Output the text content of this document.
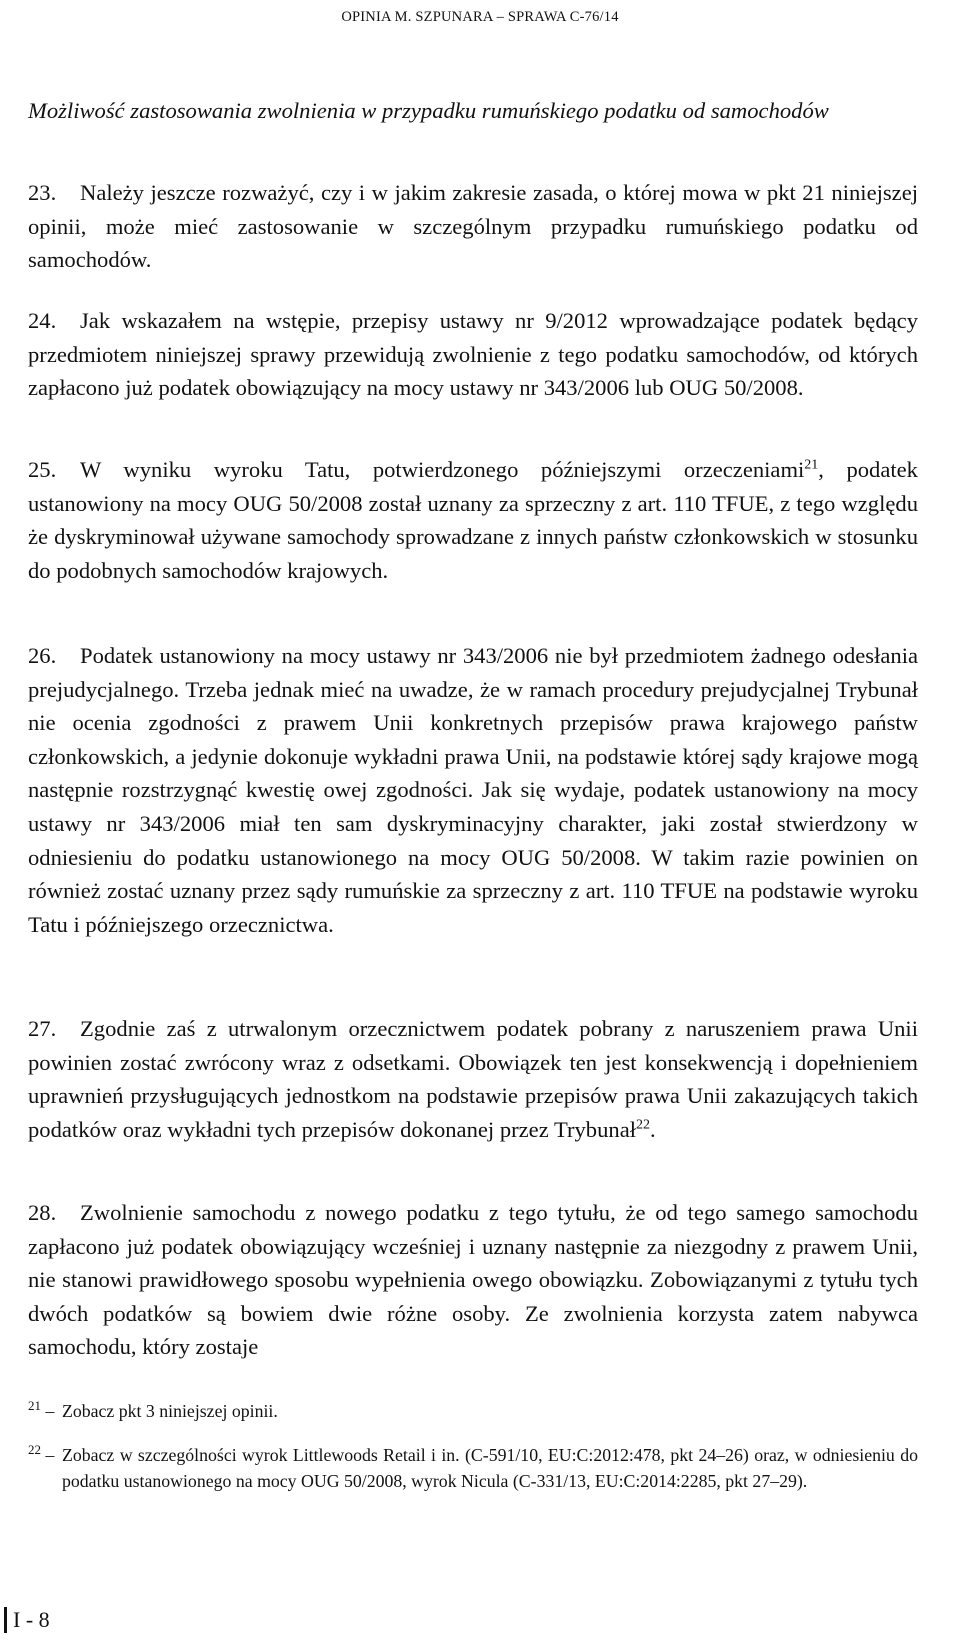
OPINIA M. SZPUNARA – SPRAWA C-76/14
Możliwość zastosowania zwolnienia w przypadku rumuńskiego podatku od samochodów

23. Należy jeszcze rozważyć, czy i w jakim zakresie zasada, o której mowa w pkt 21 niniejszej opinii, może mieć zastosowanie w szczególnym przypadku rumuńskiego podatku od samochodów.

24. Jak wskazałem na wstępie, przepisy ustawy nr 9/2012 wprowadzające podatek będący przedmiotem niniejszej sprawy przewidują zwolnienie z tego podatku samochodów, od których zapłacono już podatek obowiązujący na mocy ustawy nr 343/2006 lub OUG 50/2008.

25. W wyniku wyroku Tatu, potwierdzonego późniejszymi orzeczeniami$^{21}$, podatek ustanowiony na mocy OUG 50/2008 został uznany za sprzeczny z art. 110 TFUE, z tego względu że dyskryminował używane samochody sprowadzane z innych państw członkowskich w stosunku do podobnych samochodów krajowych.

26. Podatek ustanowiony na mocy ustawy nr 343/2006 nie był przedmiotem żadnego odesłania prejudycjalnego. Trzeba jednak mieć na uwadze, że w ramach procedury prejudycjalnej Trybunał nie ocenia zgodności z prawem Unii konkretnych przepisów prawa krajowego państw członkowskich, a jedynie dokonuje wykładni prawa Unii, na podstawie której sądy krajowe mogą następnie rozstrzygnąć kwestię owej zgodności. Jak się wydaje, podatek ustanowiony na mocy ustawy nr 343/2006 miał ten sam dyskryminacyjny charakter, jaki został stwierdzony w odniesieniu do podatku ustanowionego na mocy OUG 50/2008. W takim razie powinien on również zostać uznany przez sądy rumuńskie za sprzeczny z art. 110 TFUE na podstawie wyroku Tatu i późniejszego orzecznictwa.

27. Zgodnie zaś z utrwalonym orzecznictwem podatek pobrany z naruszeniem prawa Unii powinien zostać zwrócony wraz z odsetkami. Obowiązek ten jest konsekwencją i dopełnieniem uprawnień przysługujących jednostkom na podstawie przepisów prawa Unii zakazujących takich podatków oraz wykładni tych przepisów dokonanej przez Trybunał$^{22}$.

28. Zwolnienie samochodu z nowego podatku z tego tytułu, że od tego samego samochodu zapłacono już podatek obowiązujący wcześniej i uznany następnie za niezgodny z prawem Unii, nie stanowi prawidłowego sposobu wypełnienia owego obowiązku. Zobowiązanymi z tytułu tych dwóch podatków są bowiem dwie różne osoby. Ze zwolnienia korzysta zatem nabywca samochodu, który zostaje

$^{21}$ – Zobacz pkt 3 niniejszej opinii.
$^{22}$ – Zobacz w szczególności wyrok Littlewoods Retail i in. (C-591/10, EU:C:2012:478, pkt 24–26) oraz, w odniesieniu do podatku ustanowionego na mocy OUG 50/2008, wyrok Nicula (C-331/13, EU:C:2014:2285, pkt 27–29).
I - 8
